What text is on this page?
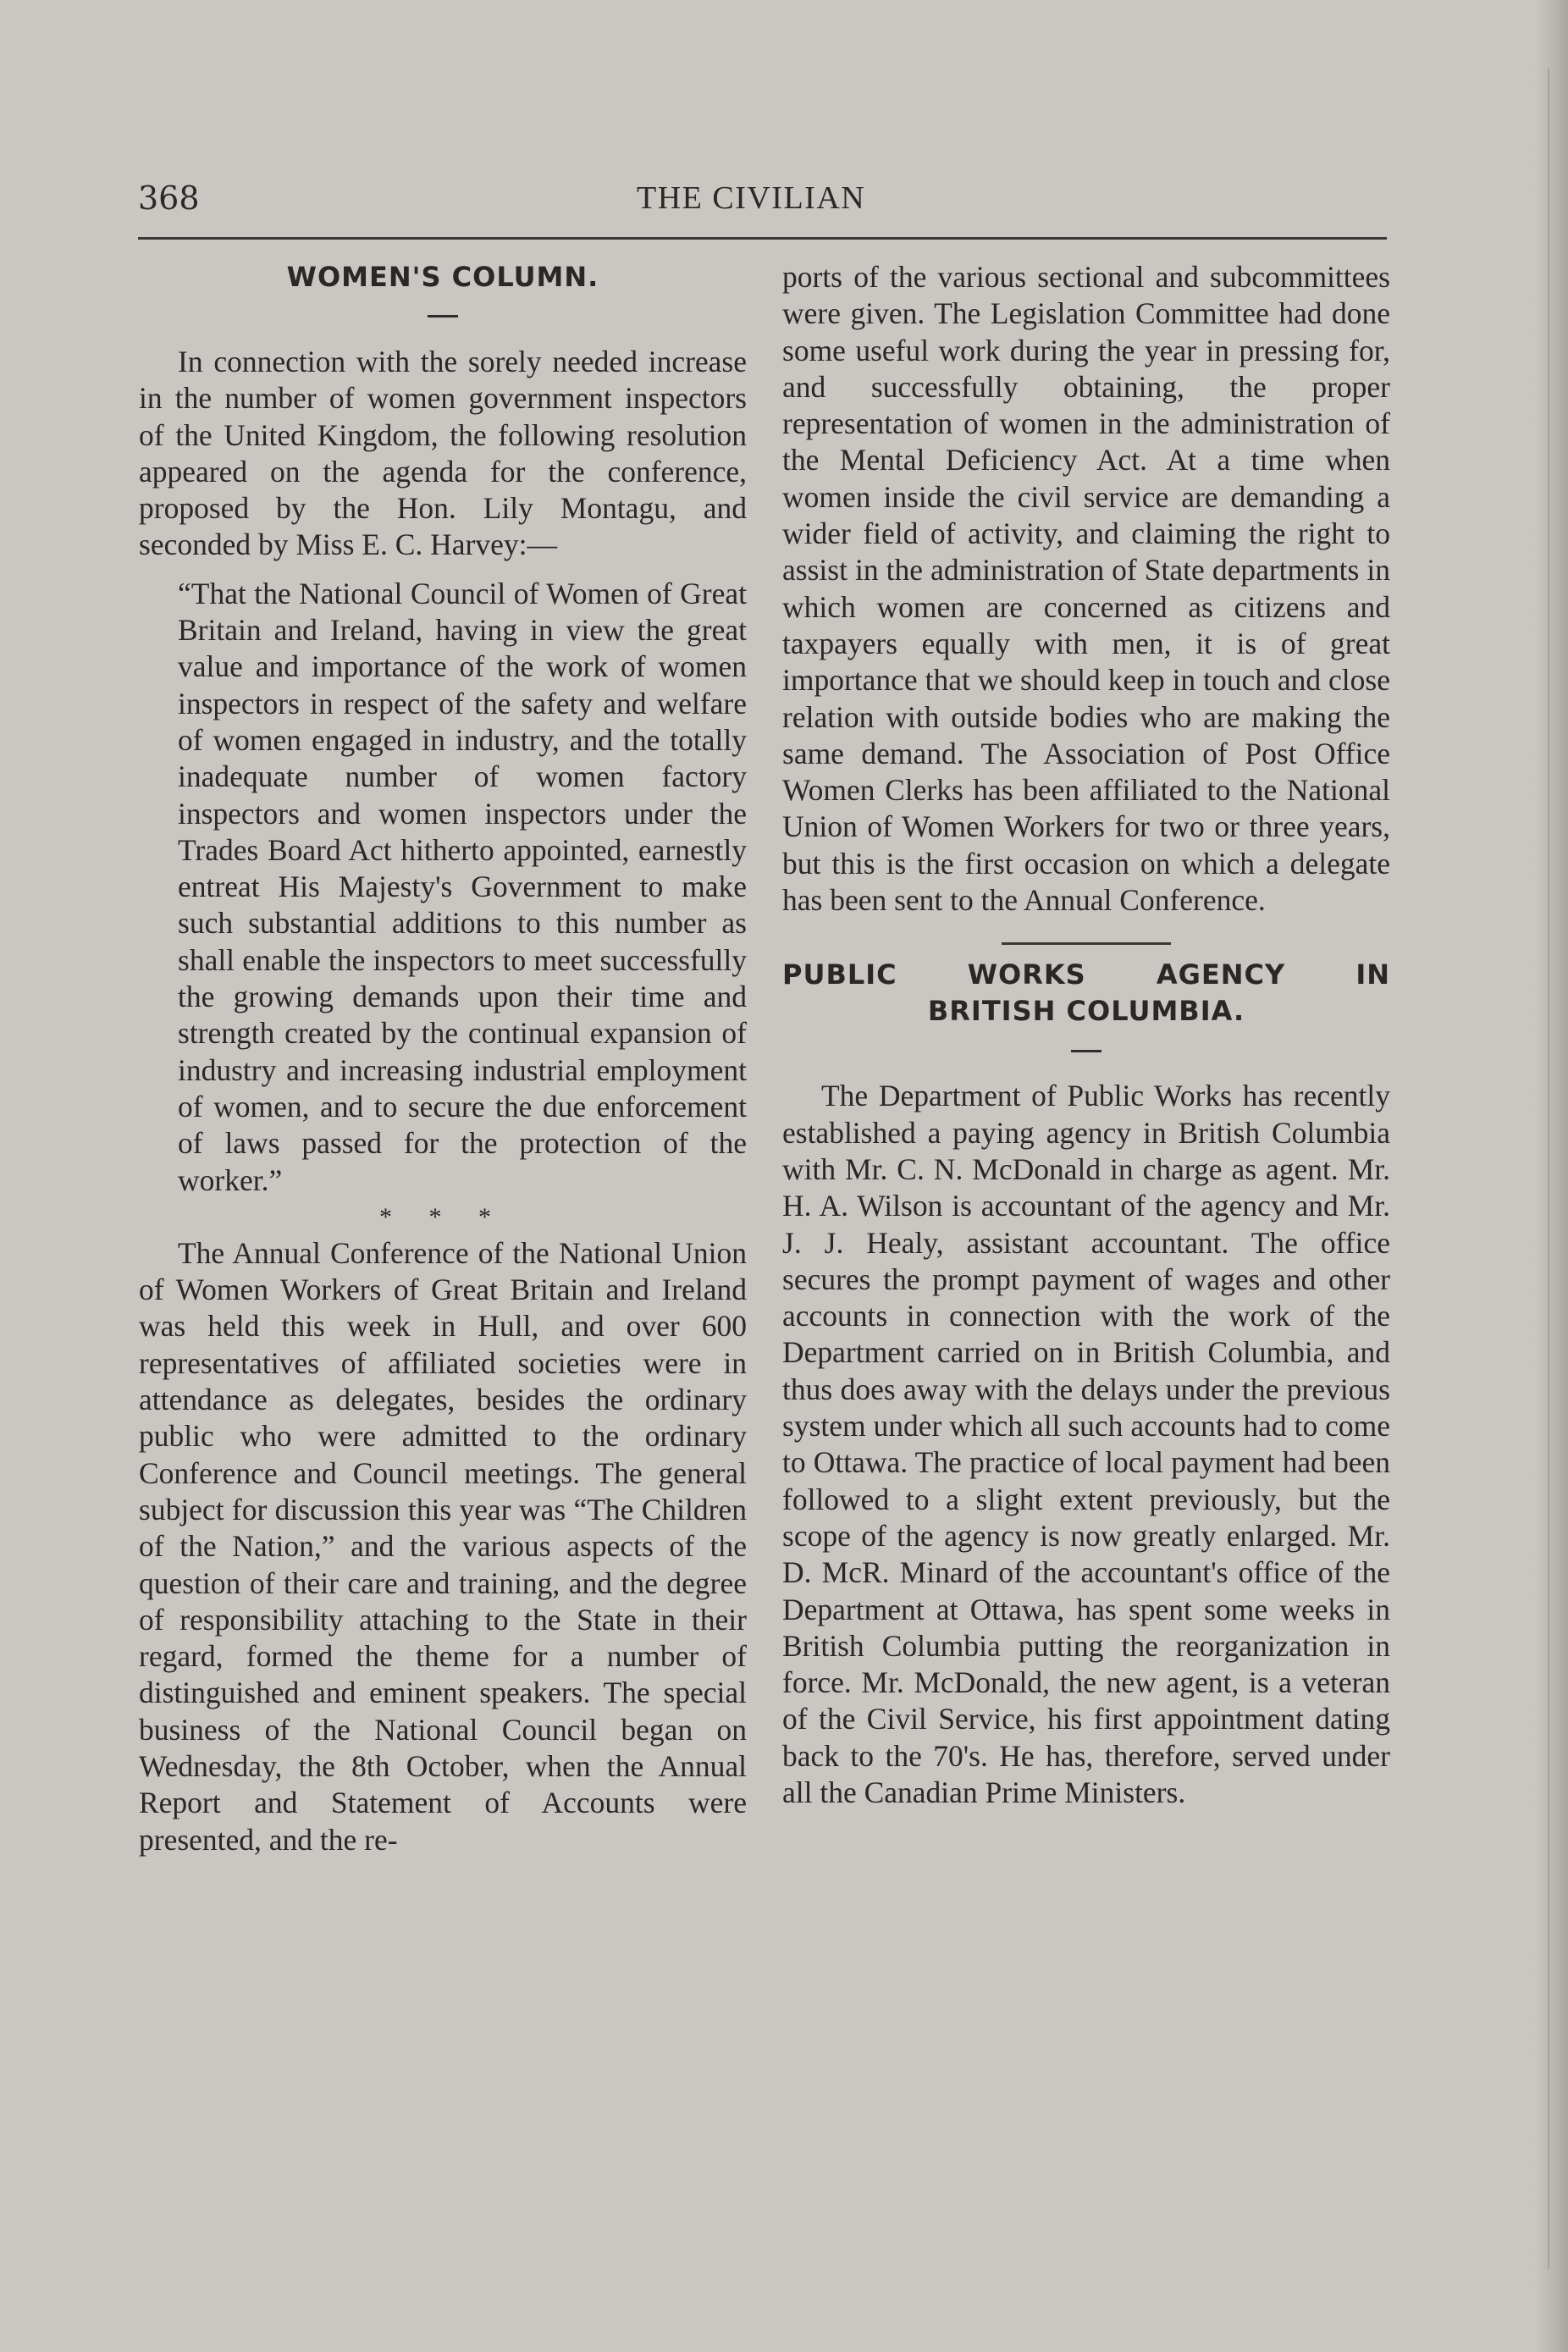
368	THE CIVILIAN

WOMEN'S COLUMN.

In connection with the sorely needed increase in the number of women government inspectors of the United Kingdom, the following resolution appeared on the agenda for the conference, proposed by the Hon. Lily Montagu, and seconded by Miss E. C. Harvey:—

“That the National Council of Women of Great Britain and Ireland, having in view the great value and importance of the work of women inspectors in respect of the safety and welfare of women engaged in industry, and the totally inadequate number of women factory inspectors and women inspectors under the Trades Board Act hitherto appointed, earnestly entreat His Majesty's Government to make such substantial additions to this number as shall enable the inspectors to meet successfully the growing demands upon their time and strength created by the continual expansion of industry and increasing industrial employment of women, and to secure the due enforcement of laws passed for the protection of the worker.”

* * *

The Annual Conference of the National Union of Women Workers of Great Britain and Ireland was held this week in Hull, and over 600 representatives of affiliated societies were in attendance as delegates, besides the ordinary public who were admitted to the ordinary Conference and Council meetings. The general subject for discussion this year was “The Children of the Nation,” and the various aspects of the question of their care and training, and the degree of responsibility attaching to the State in their regard, formed the theme for a number of distinguished and eminent speakers. The special business of the National Council began on Wednesday, the 8th October, when the Annual Report and Statement of Accounts were presented, and the re-

ports of the various sectional and subcommittees were given. The Legislation Committee had done some useful work during the year in pressing for, and successfully obtaining, the proper representation of women in the administration of the Mental Deficiency Act. At a time when women inside the civil service are demanding a wider field of activity, and claiming the right to assist in the administration of State departments in which women are concerned as citizens and taxpayers equally with men, it is of great importance that we should keep in touch and close relation with outside bodies who are making the same demand. The Association of Post Office Women Clerks has been affiliated to the National Union of Women Workers for two or three years, but this is the first occasion on which a delegate has been sent to the Annual Conference.

PUBLIC WORKS AGENCY IN

BRITISH COLUMBIA.

The Department of Public Works has recently established a paying agency in British Columbia with Mr. C. N. McDonald in charge as agent. Mr. H. A. Wilson is accountant of the agency and Mr. J. J. Healy, assistant accountant. The office secures the prompt payment of wages and other accounts in connection with the work of the Department carried on in British Columbia, and thus does away with the delays under the previous system under which all such accounts had to come to Ottawa. The practice of local payment had been followed to a slight extent previously, but the scope of the agency is now greatly enlarged. Mr. D. McR. Minard of the accountant's office of the Department at Ottawa, has spent some weeks in British Columbia putting the reorganization in force. Mr. McDonald, the new agent, is a veteran of the Civil Service, his first appointment dating back to the 70's. He has, therefore, served under all the Canadian Prime Ministers.
